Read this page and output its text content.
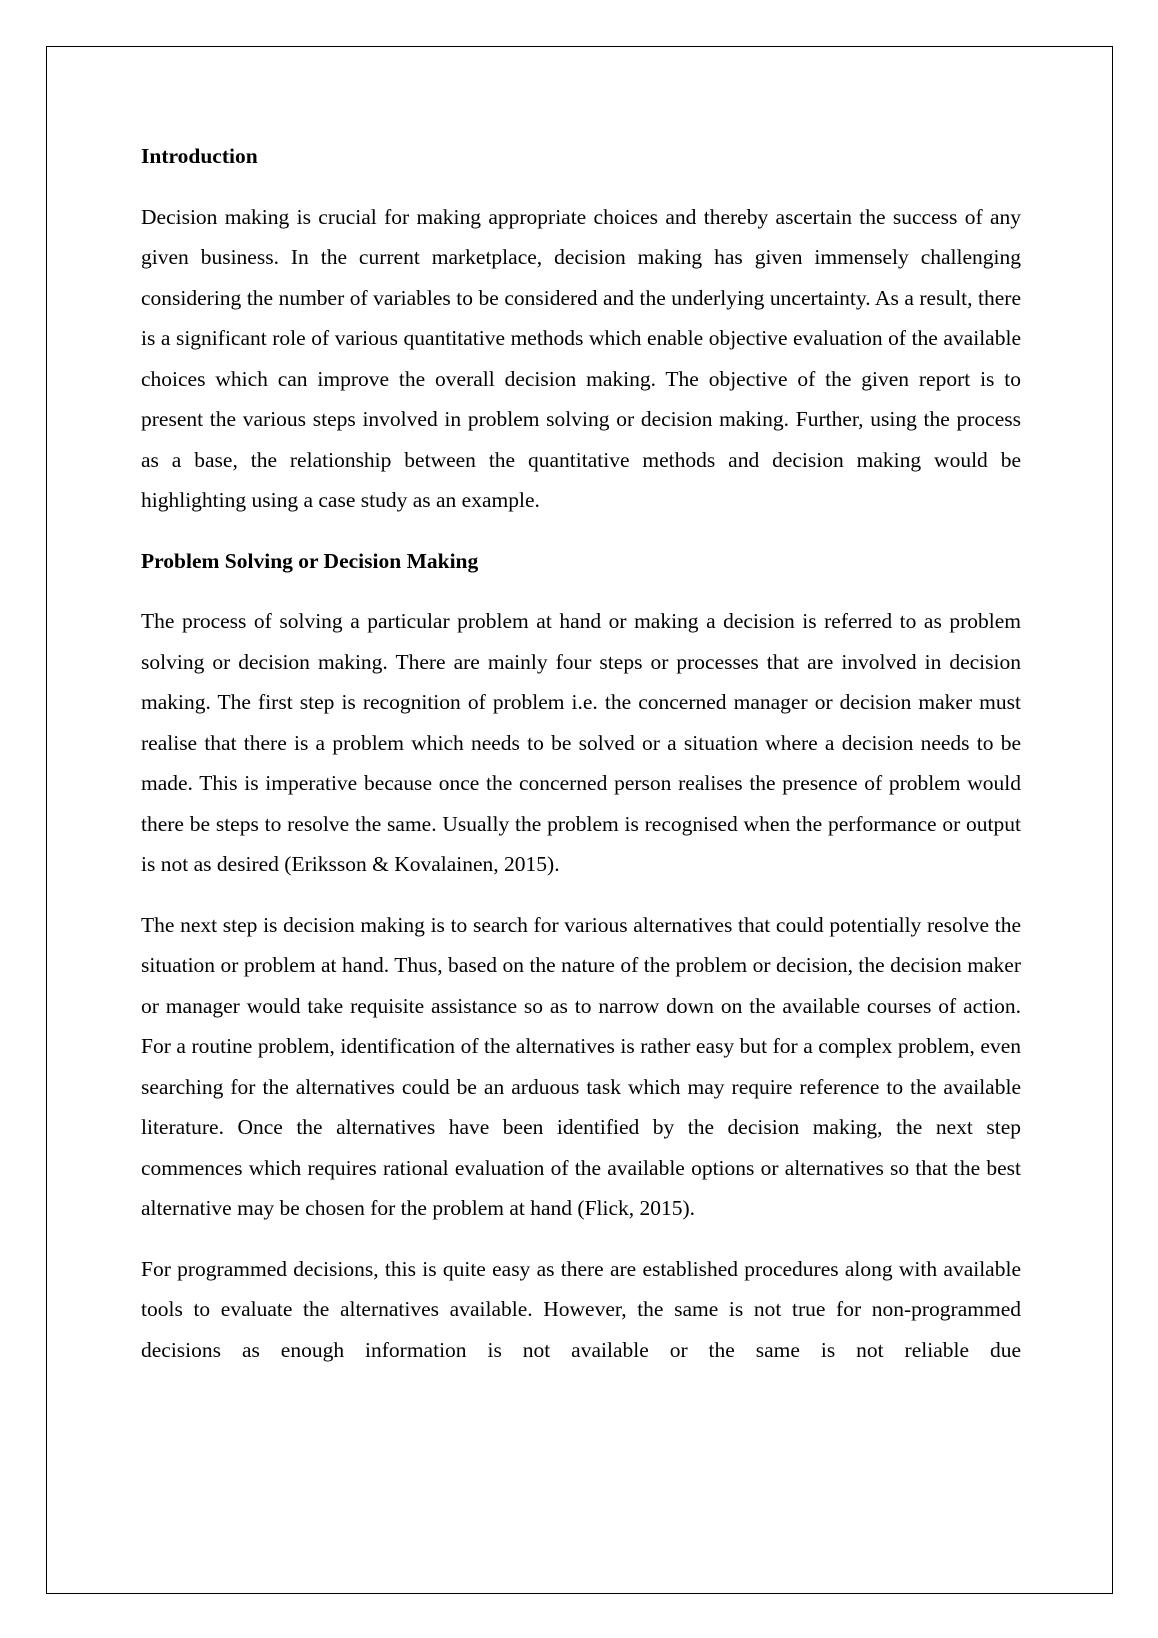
Introduction

Decision making is crucial for making appropriate choices and thereby ascertain the success of any given business. In the current marketplace, decision making has given immensely challenging considering the number of variables to be considered and the underlying uncertainty. As a result, there is a significant role of various quantitative methods which enable objective evaluation of the available choices which can improve the overall decision making. The objective of the given report is to present the various steps involved in problem solving or decision making. Further, using the process as a base, the relationship between the quantitative methods and decision making would be highlighting using a case study as an example.

Problem Solving or Decision Making

The process of solving a particular problem at hand or making a decision is referred to as problem solving or decision making. There are mainly four steps or processes that are involved in decision making. The first step is recognition of problem i.e. the concerned manager or decision maker must realise that there is a problem which needs to be solved or a situation where a decision needs to be made. This is imperative because once the concerned person realises the presence of problem would there be steps to resolve the same. Usually the problem is recognised when the performance or output is not as desired (Eriksson & Kovalainen, 2015).

The next step is decision making is to search for various alternatives that could potentially resolve the situation or problem at hand. Thus, based on the nature of the problem or decision, the decision maker or manager would take requisite assistance so as to narrow down on the available courses of action. For a routine problem, identification of the alternatives is rather easy but for a complex problem, even searching for the alternatives could be an arduous task which may require reference to the available literature. Once the alternatives have been identified by the decision making, the next step commences which requires rational evaluation of the available options or alternatives so that the best alternative may be chosen for the problem at hand (Flick, 2015).

For programmed decisions, this is quite easy as there are established procedures along with available tools to evaluate the alternatives available. However, the same is not true for non-programmed decisions as enough information is not available or the same is not reliable due
